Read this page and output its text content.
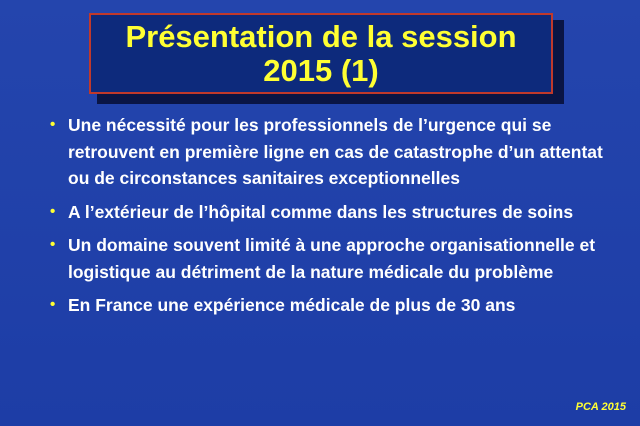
Présentation de la session
2015 (1)
• Une nécessité pour les professionnels de l’urgence qui se retrouvent en première ligne en cas de catastrophe d’un attentat ou de circonstances sanitaires exceptionnelles
• A l’extérieur de l’hôpital comme dans les structures de soins
• Un domaine souvent limité à une approche organisationnelle et logistique au détriment de la nature médicale du problème
• En France une expérience médicale de plus de 30 ans
PCA 2015
